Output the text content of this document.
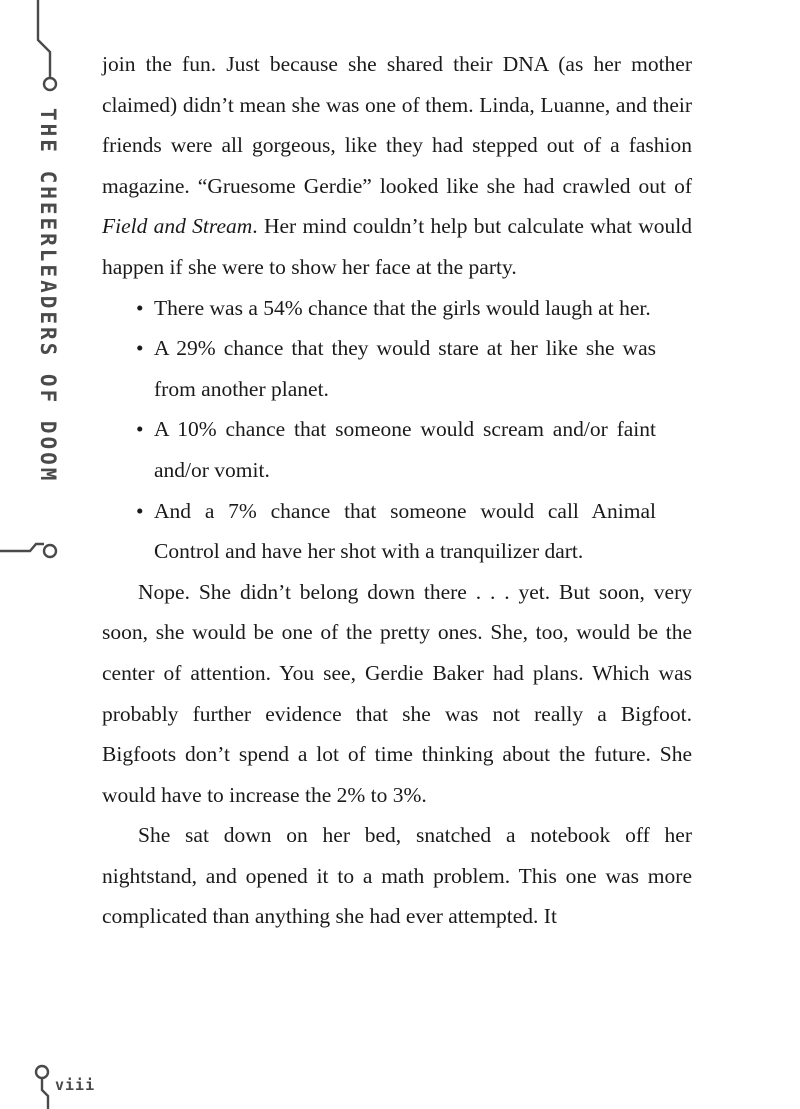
THE CHEERLEADERS OF DOOM

join the fun. Just because she shared their DNA (as her mother claimed) didn’t mean she was one of them. Linda, Luanne, and their friends were all gorgeous, like they had stepped out of a fashion magazine. “Gruesome Gerdie” looked like she had crawled out of Field and Stream. Her mind couldn’t help but calculate what would happen if she were to show her face at the party.

• There was a 54% chance that the girls would laugh at her.
• A 29% chance that they would stare at her like she was from another planet.
• A 10% chance that someone would scream and/or faint and/or vomit.
• And a 7% chance that someone would call Animal Control and have her shot with a tranquilizer dart.

Nope. She didn’t belong down there . . . yet. But soon, very soon, she would be one of the pretty ones. She, too, would be the center of attention. You see, Gerdie Baker had plans. Which was probably further evidence that she was not really a Bigfoot. Bigfoots don’t spend a lot of time thinking about the future. She would have to increase the 2% to 3%.

She sat down on her bed, snatched a notebook off her nightstand, and opened it to a math problem. This one was more complicated than anything she had ever attempted. It

viii
